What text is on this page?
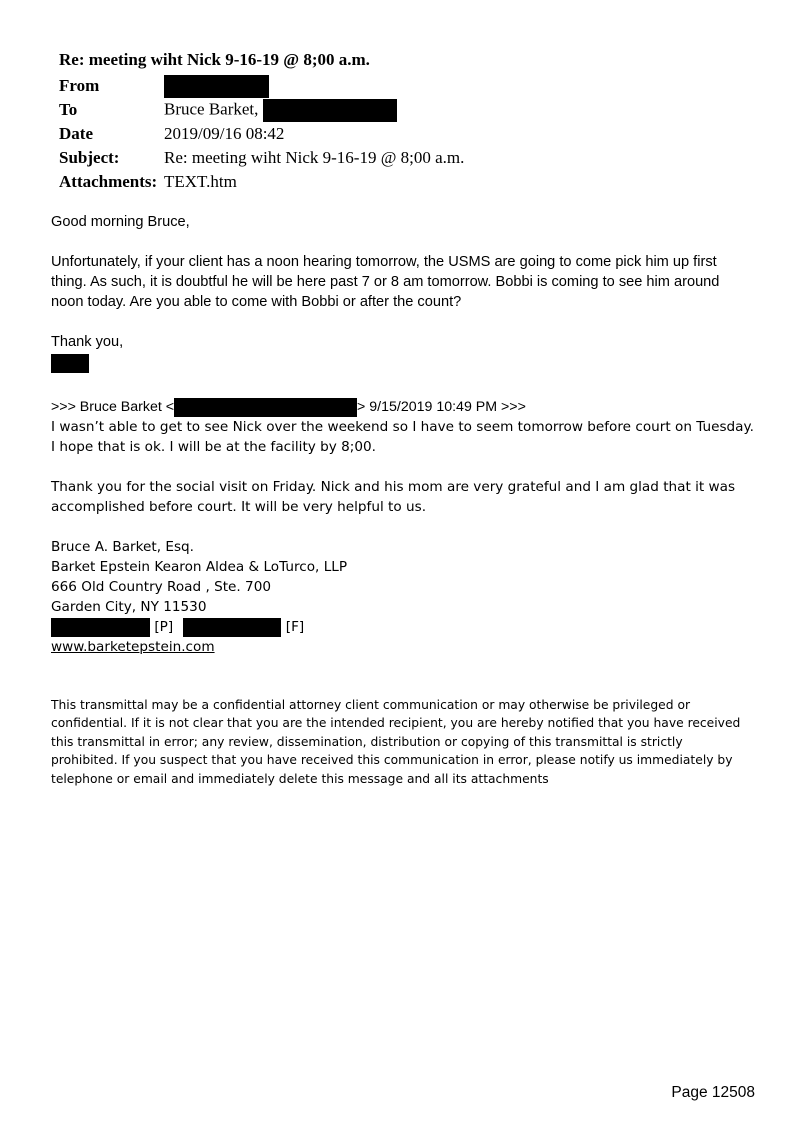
Re: meeting wiht Nick 9-16-19 @ 8;00 a.m.
From	
To	Bruce Barket,
Date	2019/09/16 08:42
Subject:	Re: meeting wiht Nick 9-16-19 @ 8;00 a.m.
Attachments:	TEXT.htm

Good morning Bruce,

Unfortunately, if your client has a noon hearing tomorrow, the USMS are going to come pick him up first thing. As such, it is doubtful he will be here past 7 or 8 am tomorrow. Bobbi is coming to see him around noon today. Are you able to come with Bobbi or after the count?

Thank you,

>>> Bruce Barket <	> 9/15/2019 10:49 PM >>>

I wasn’t able to get to see Nick over the weekend so I have to seem tomorrow before court on Tuesday. I hope that is ok. I will be at the facility by 8;00.

Thank you for the social visit on Friday. Nick and his mom are very grateful and I am glad that it was accomplished before court. It will be very helpful to us.

Bruce A. Barket, Esq.
Barket Epstein Kearon Aldea & LoTurco, LLP
666 Old Country Road , Ste. 700
Garden City, NY 11530
[P]	[F]
www.barketepstein.com
This transmittal may be a confidential attorney client communication or may otherwise be privileged or confidential. If it is not clear that you are the intended recipient, you are hereby notified that you have received this transmittal in error; any review, dissemination, distribution or copying of this transmittal is strictly prohibited. If you suspect that you have received this communication in error, please notify us immediately by telephone or email and immediately delete this message and all its attachments
Page 12508
